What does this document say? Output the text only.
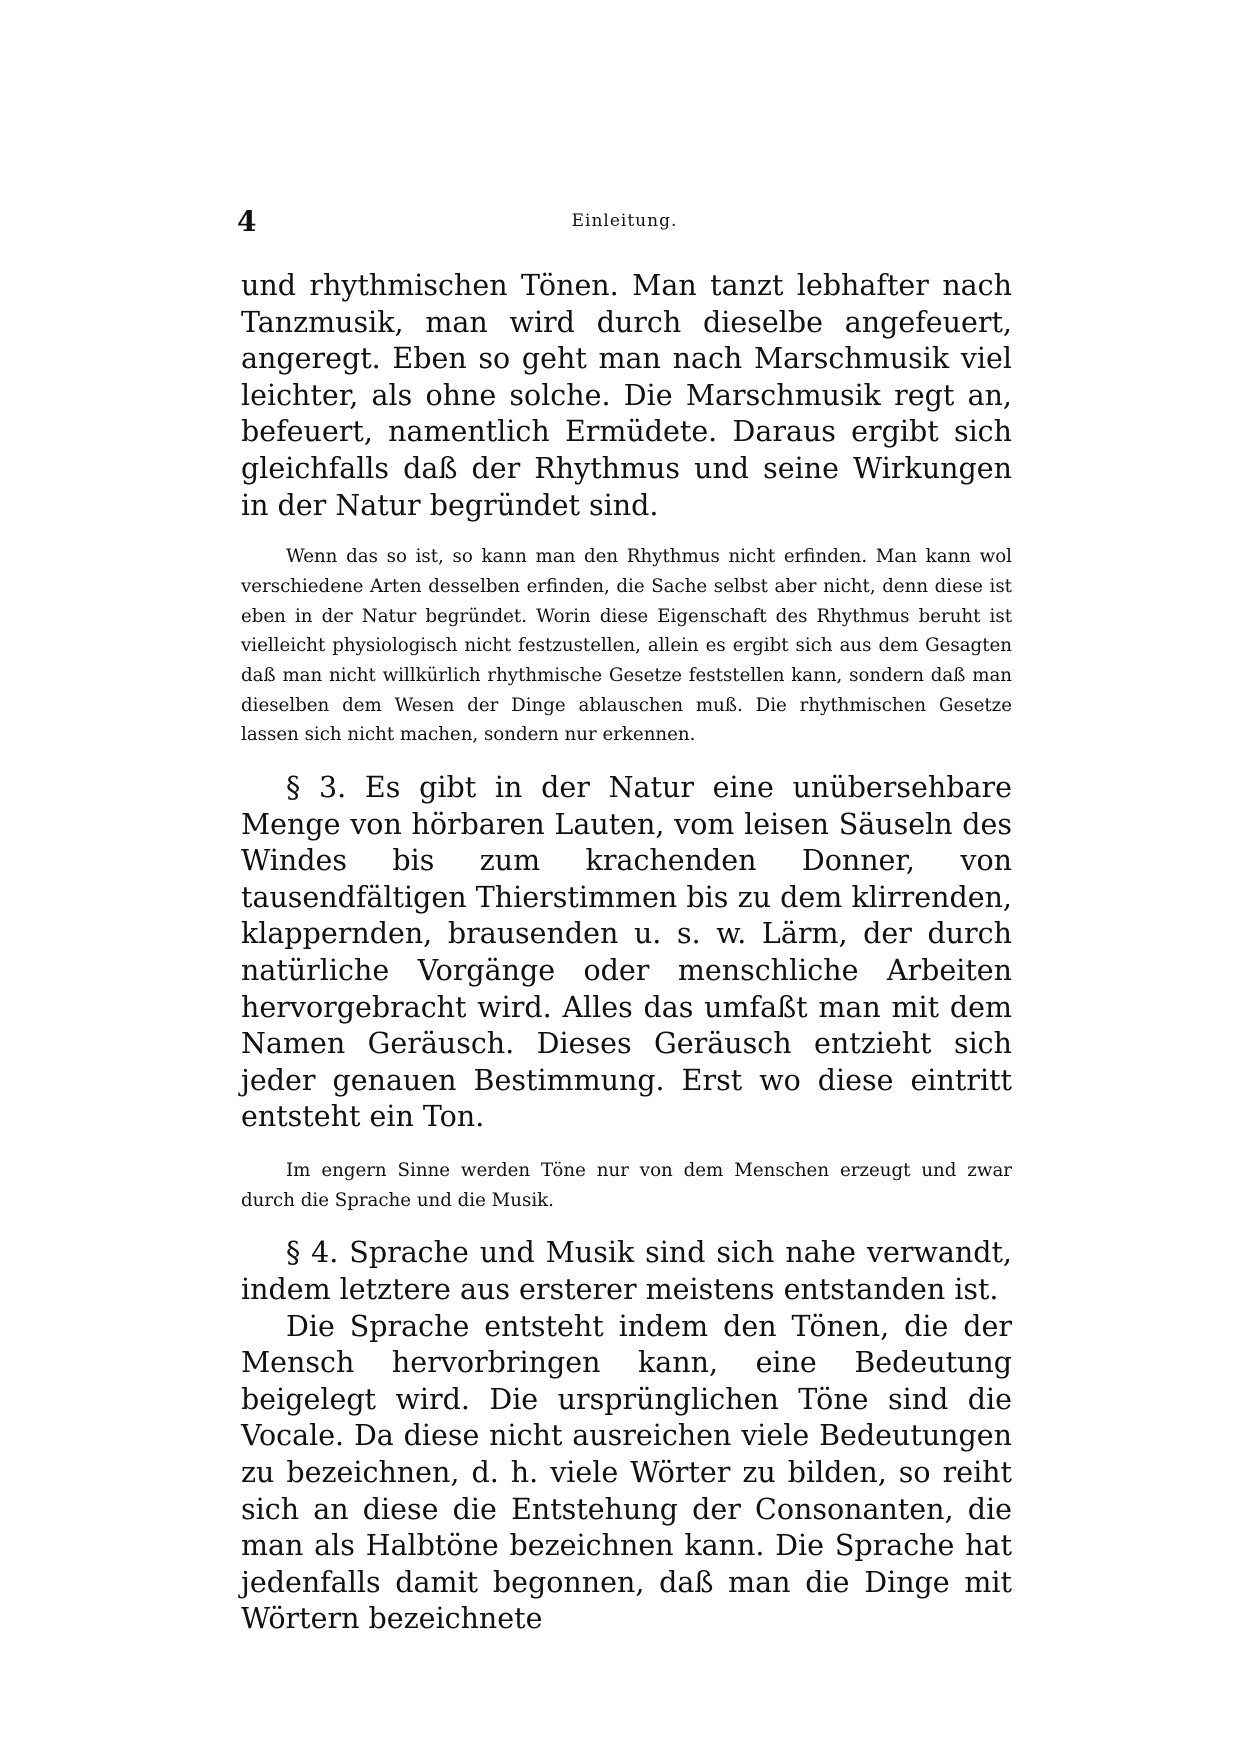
4	Einleitung.

und rhythmischen Tönen. Man tanzt lebhafter nach Tanzmusik, man wird durch dieselbe angefeuert, angeregt. Eben so geht man nach Marschmusik viel leichter, als ohne solche. Die Marschmusik regt an, befeuert, namentlich Ermüdete. Daraus ergibt sich gleichfalls daß der Rhythmus und seine Wirkungen in der Natur begründet sind.

Wenn das so ist, so kann man den Rhythmus nicht erfinden. Man kann wol verschiedene Arten desselben erfinden, die Sache selbst aber nicht, denn diese ist eben in der Natur begründet. Worin diese Eigenschaft des Rhythmus beruht ist vielleicht physiologisch nicht festzustellen, allein es ergibt sich aus dem Gesagten daß man nicht willkürlich rhythmische Gesetze feststellen kann, sondern daß man dieselben dem Wesen der Dinge ablauschen muß. Die rhythmischen Gesetze lassen sich nicht machen, sondern nur erkennen.

§ 3. Es gibt in der Natur eine unübersehbare Menge von hörbaren Lauten, vom leisen Säuseln des Windes bis zum krachenden Donner, von tausendfältigen Thierstimmen bis zu dem klirrenden, klappernden, brausenden u. s. w. Lärm, der durch natürliche Vorgänge oder menschliche Arbeiten hervorgebracht wird. Alles das umfaßt man mit dem Namen Geräusch. Dieses Geräusch entzieht sich jeder genauen Bestimmung. Erst wo diese eintritt entsteht ein Ton.

Im engern Sinne werden Töne nur von dem Menschen erzeugt und zwar durch die Sprache und die Musik.

§ 4. Sprache und Musik sind sich nahe verwandt, indem letztere aus ersterer meistens entstanden ist.

Die Sprache entsteht indem den Tönen, die der Mensch hervorbringen kann, eine Bedeutung beigelegt wird. Die ursprünglichen Töne sind die Vocale. Da diese nicht ausreichen viele Bedeutungen zu bezeichnen, d. h. viele Wörter zu bilden, so reiht sich an diese die Entstehung der Consonanten, die man als Halbtöne bezeichnen kann. Die Sprache hat jedenfalls damit begonnen, daß man die Dinge mit Wörtern bezeichnete
